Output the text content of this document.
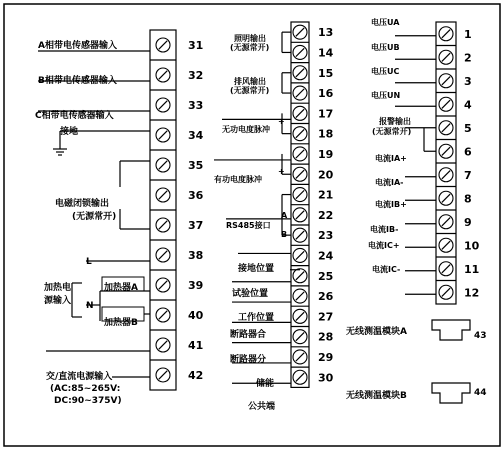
31
32
33
34
35
36
37
38
39
40
41
42
13
14
15
16
17
18
19
20
21
22
23
24
25
26
27
28
29
30
1
2
3
4
5
6
7
8
9
10
11
12
A相带电传感器输入
B相带电传感器输入
C相带电传感器输入
接地
电磁闭锁输出
(无源常开)
L
加热电
源输入 N
加热器A
加热器B
交/直流电源输入
(AC:85~265V:
DC:90~375V)
照明输出
(无源常开)
排风输出
(无源常开)
+
无功电度脉冲
+
有功电度脉冲
A
RS485接口
B
接地位置
试验位置
工作位置
断路器合
断路器分
储能
公共端
电压UA
电压UB
电压UC
电压UN
报警输出
(无源常开)
电流IA+
电流IA-
电流IB+
电流IB-
电流IC+
电流IC-
无线测温模块A
无线测温模块B
43
44
